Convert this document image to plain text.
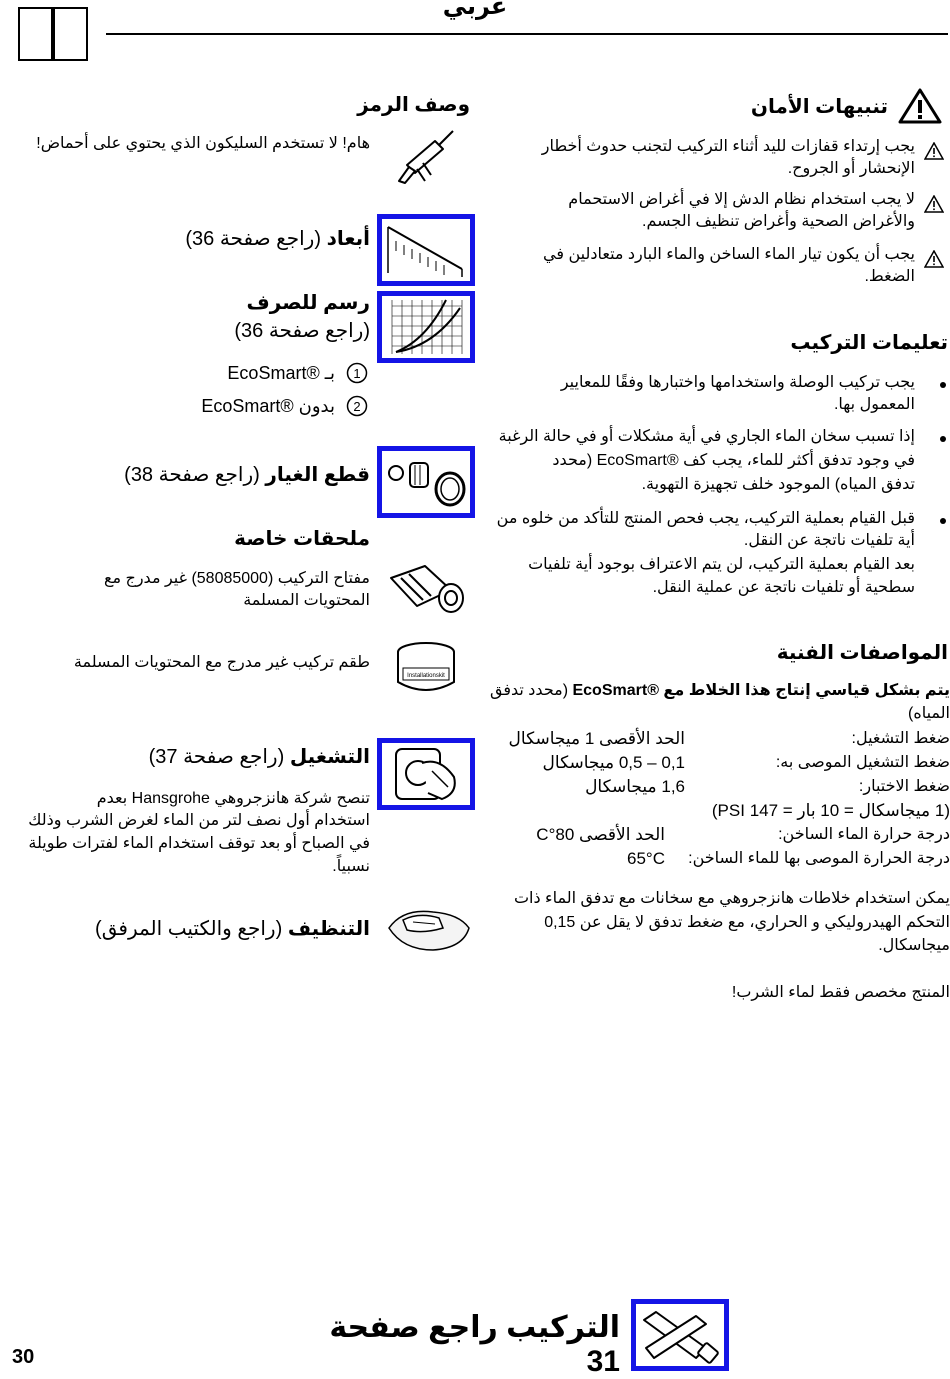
عربي
تنبيهات الأمان
يجب إرتداء قفازات لليد أثناء التركيب لتجنب حدوث أخطار
الإنحشار أو الجروح.
لا يجب استخدام نظام الدش إلا في أغراض الاستحمام
والأغراض الصحية وأغراض تنظيف الجسم.
يجب أن يكون تيار الماء الساخن والماء البارد متعادلين في
الضغط.
تعليمات التركيب
يجب تركيب الوصلة واستخدامها واختبارها وفقًا للمعايير
المعمول بها.
إذا تسبب سخان الماء الجاري في أية مشكلات أو في حالة الرغبة
في وجود تدفق أكثر للماء، يجب كف ®EcoSmart (محدد
تدفق المياه) الموجود خلف تجهيزة التهوية.
قبل القيام بعملية التركيب، يجب فحص المنتج للتأكد من خلوه من
أية تلفيات ناتجة عن النقل.
بعد القيام بعملية التركيب، لن يتم الاعتراف بوجود أية تلفيات
سطحية أو تلفيات ناتجة عن عملية النقل.
المواصفات الفنية
يتم بشكل قياسي إنتاج هذا الخلاط مع ®EcoSmart (محدد تدفق
المياه)
ضغط التشغيل:
الحد الأقصى 1 ميجاسكال
ضغط التشغيل الموصى به:
0,1 – 0,5 ميجاسكال
ضغط الاختبار:
1,6 ميجاسكال
(1 ميجاسكال = 10 بار = 147 PSI)
درجة حرارة الماء الساخن:
الحد الأقصى 80°C
درجة الحرارة الموصى بها للماء الساخن:
65°C
يمكن استخدام خلاطات هانزجروهي مع سخانات مع تدفق الماء ذات
التحكم الهيدروليكي و الحراري، مع ضغط تدفق لا يقل عن 0,15
ميجاسكال.
المنتج مخصص فقط لماء الشرب!
وصف الرمز
هام! لا تستخدم السليكون الذي يحتوي على أحماض!
أبعاد (راجع صفحة 36)
رسم للصرف
(راجع صفحة 36)
1
بـ ®EcoSmart
2
بدون ®EcoSmart
قطع الغيار (راجع صفحة 38)
ملحقات خاصة
مفتاح التركيب (58085000) غير مدرج مع
المحتويات المسلمة
Installationskit
طقم تركيب غير مدرج مع المحتويات المسلمة
التشغيل (راجع صفحة 37)
تنصح شركة هانزجروهي Hansgrohe بعدم
استخدام أول نصف لتر من الماء لغرض الشرب وذلك
في الصباح أو بعد توقف استخدام الماء لفترات طويلة
نسبياً.
التنظيف (راجع والكتيب المرفق)
التركيب راجع صفحة 31
30
